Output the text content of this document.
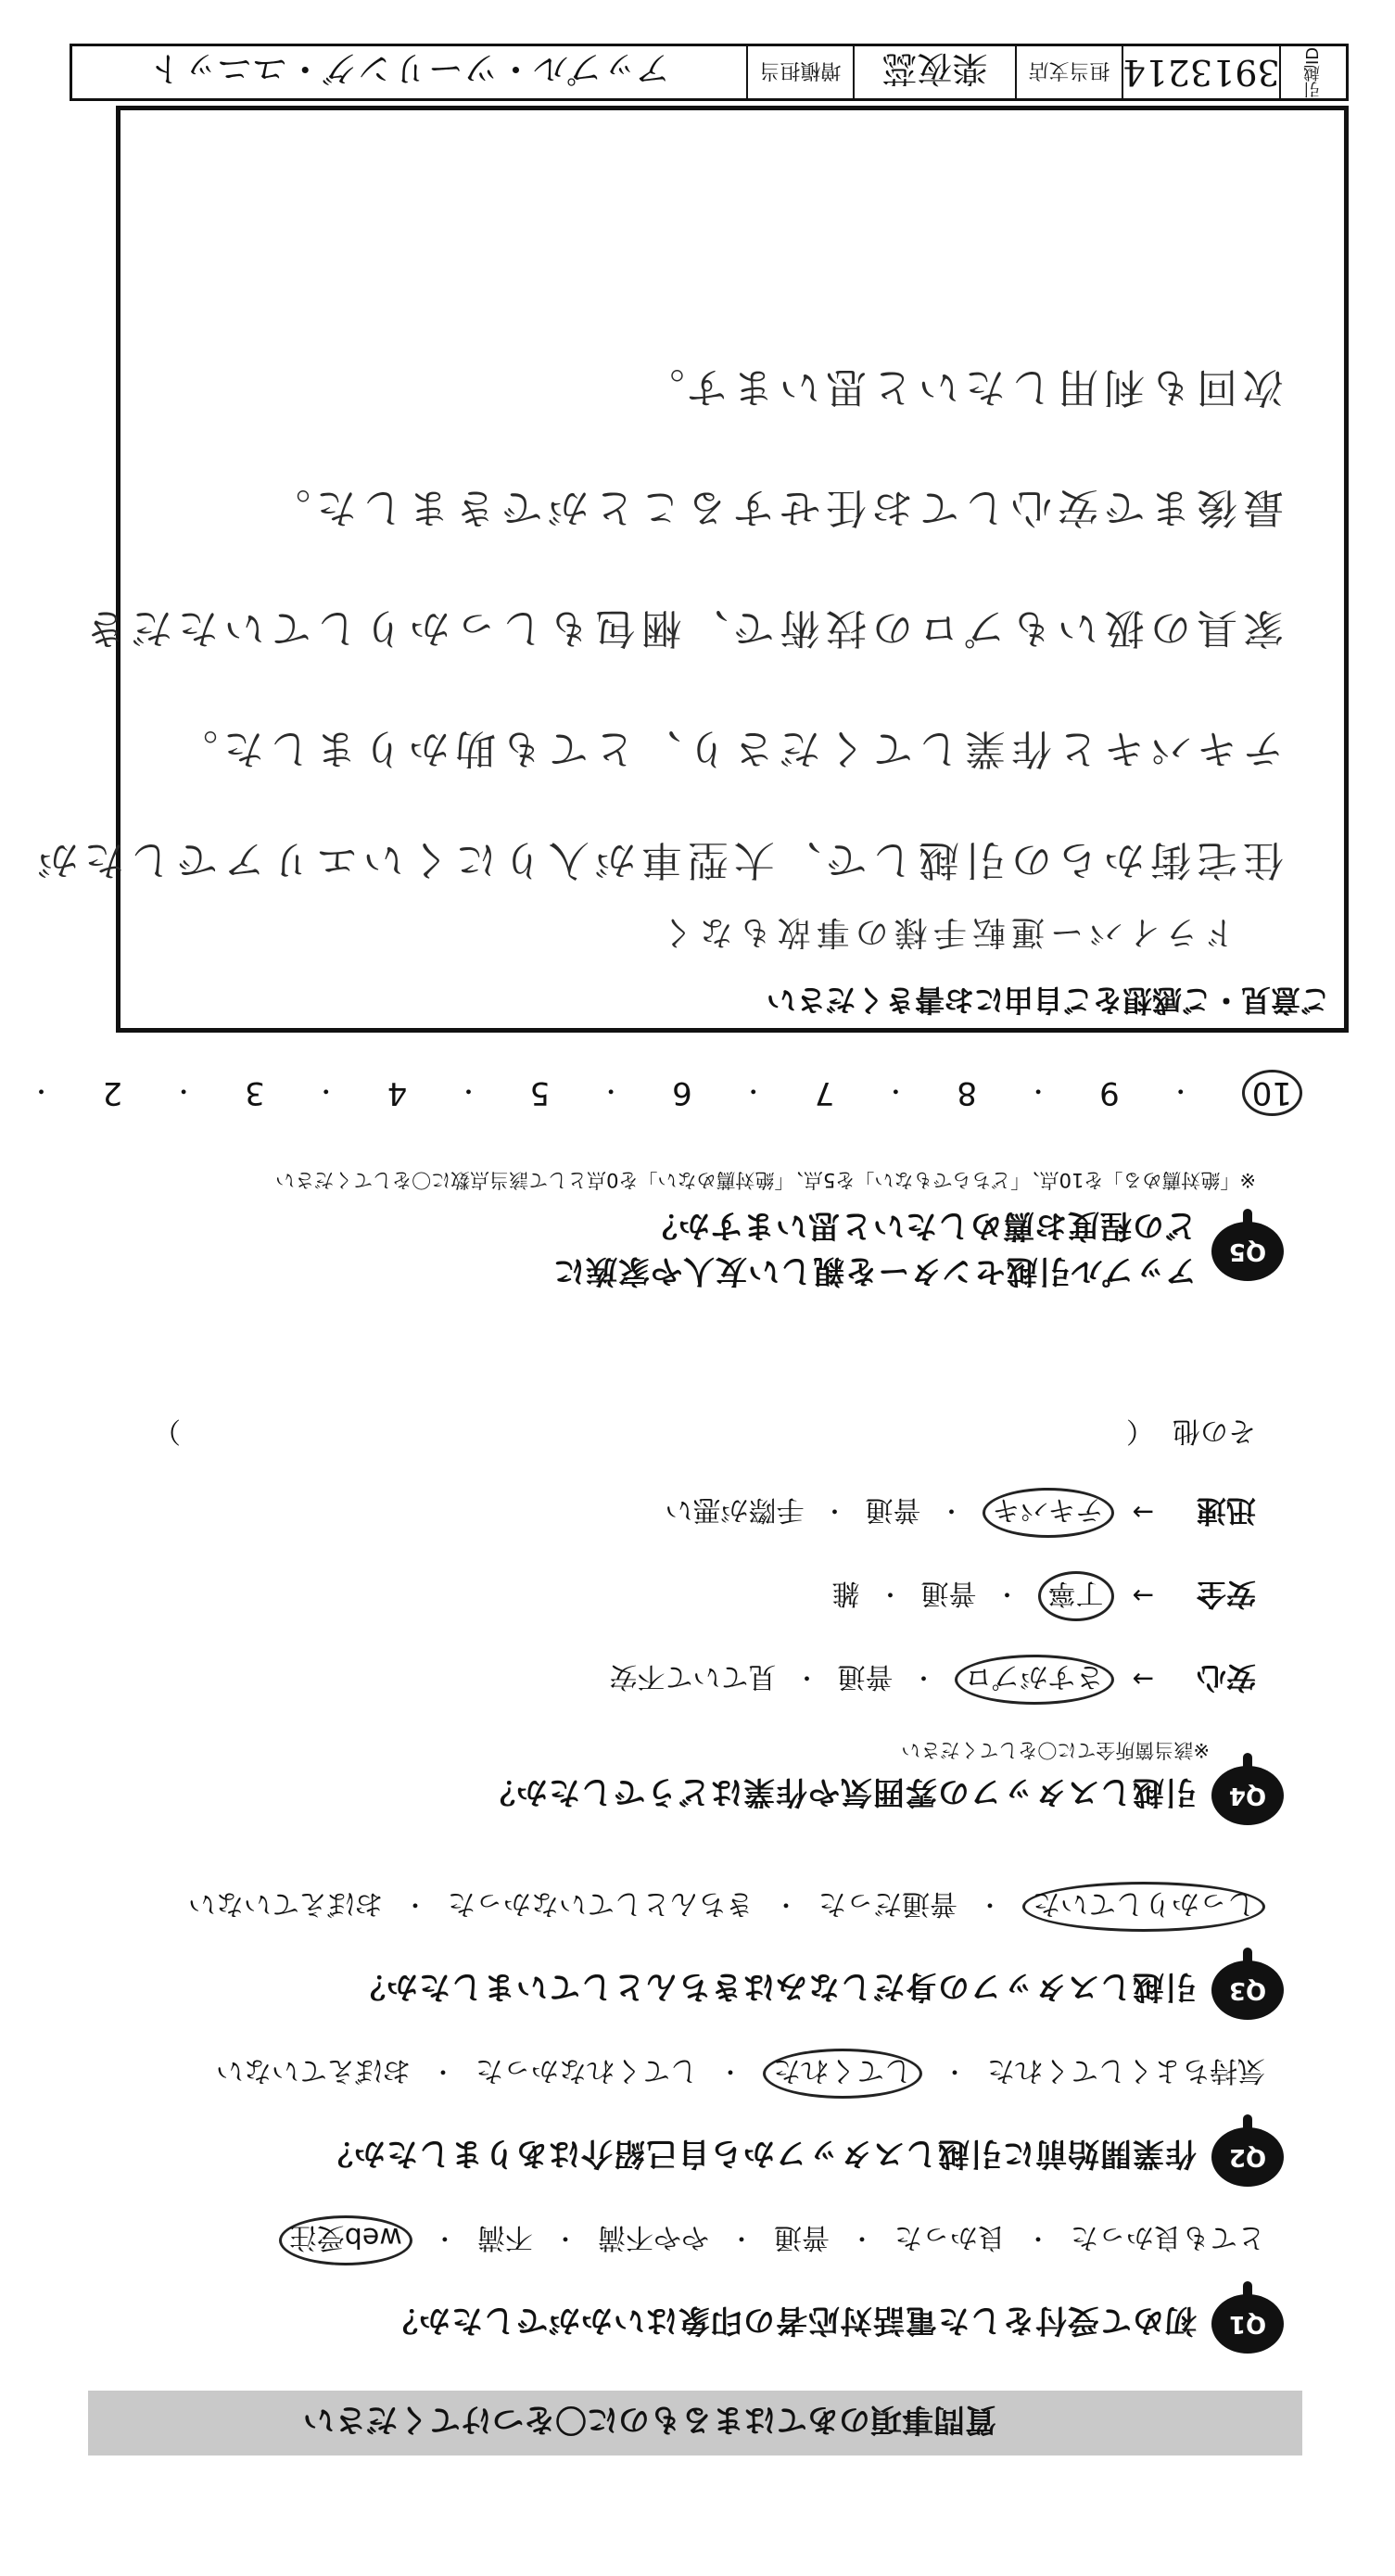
質問事項のあてはまるものに〇をつけてください
Q1
初めて受付をした電話対応者の印象はいかがでしたか？
とても良かった
・
良かった
・
普通
・
やや不満
・
不満
・
web受注
Q2
作業開始前に引越しスタッフから自己紹介はありましたか？
気持ちよくしてくれた
・
してくれた
・
してくれなかった
・
おぼえていない
Q3
引越しスタッフの身だしなみはきちんとしていましたか？
しっかりしていた
・
普通だった
・
きちんとしていなかった
・
おぼえていない
Q4
引越しスタッフの雰囲気や作業はどうでしたか？
※該当箇所全てに〇をしてください
安心
→
さすがプロ
・
普通
・
見ていて不安
安全
→
丁寧
・
普通
・
雑
迅速
→
テキパキ
・
普通
・
手際が悪い
その他
（
）
Q5
アップル引越センターを親しい友人や家族に
どの程度お薦めしたいと思いますか？
※「絶対薦める」を10点、「どちらでもない」を5点、「絶対薦めない」を0点として該当点数に〇をしてください
10
・
9
・
8
・
7
・
6
・
5
・
4
・
3
・
2
・
ご意見・ご感想をご自由にお書きください
ドライバー運転手様の事故もなく
住宅街からの引越しで、大型車が入りにくいエリアでしたが
テキパキと作業してくださり、とても助かりました。
家具の扱いもプロの技術で、梱包もしっかりしていただき
最後まで安心してお任せすることができました。
次回も利用したいと思います。
引越ID
3913214
担当支店
楽夜蕊
増槇担当
アップル・ツーリング・ユニット
